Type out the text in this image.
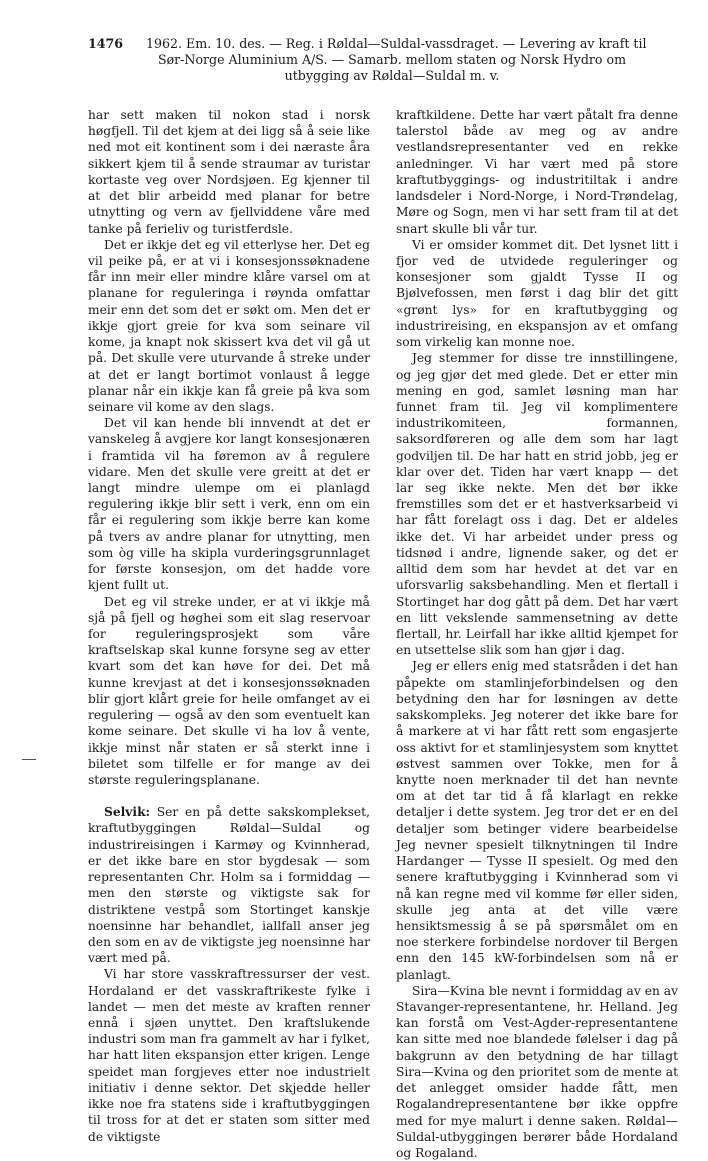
1476 1962. Em. 10. des. — Reg. i Røldal—Suldal-vassdraget. — Levering av kraft til
Sør-Norge Aluminium A/S. — Samarb. mellom staten og Norsk Hydro om
utbygging av Røldal—Suldal m. v.

har sett maken til nokon stad i norsk høgfjell. Til det kjem at dei ligg så å seie like ned mot eit kontinent som i dei næraste åra sikkert kjem til å sende straumar av turistar kortaste veg over Nordsjøen. Eg kjenner til at det blir arbeidd med planar for betre utnytting og vern av fjellviddene våre med tanke på ferieliv og turistferdsle.

Det er ikkje det eg vil etterlyse her. Det eg vil peike på, er at vi i konsesjonssøknadene får inn meir eller mindre klåre varsel om at planane for reguleringa i røynda omfattar meir enn det som det er søkt om. Men det er ikkje gjort greie for kva som seinare vil kome, ja knapt nok skissert kva det vil gå ut på. Det skulle vere uturvande å streke under at det er langt bortimot vonlaust å legge planar når ein ikkje kan få greie på kva som seinare vil kome av den slags.

Det vil kan hende bli innvendt at det er vanskeleg å avgjere kor langt konsesjonæren i framtida vil ha føremon av å regulere vidare. Men det skulle vere greitt at det er langt mindre ulempe om ei planlagd regulering ikkje blir sett i verk, enn om ein får ei regulering som ikkje berre kan kome på tvers av andre planar for utnytting, men som òg ville ha skipla vurderingsgrunnlaget for første konsesjon, om det hadde vore kjent fullt ut.

Det eg vil streke under, er at vi ikkje må sjå på fjell og høghei som eit slag reservoar for reguleringsprosjekt som våre kraftselskap skal kunne forsyne seg av etter kvart som det kan høve for dei. Det må kunne krevjast at det i konsesjonssøknaden blir gjort klårt greie for heile omfanget av ei regulering — også av den som eventuelt kan kome seinare. Det skulle vi ha lov å vente, ikkje minst når staten er så sterkt inne i biletet som tilfelle er for mange av dei største reguleringsplanane.

Selvik: Ser en på dette sakskomplekset, kraftutbyggingen Røldal—Suldal og industrireisingen i Karmøy og Kvinnherad, er det ikke bare en stor bygdesak — som representanten Chr. Holm sa i formiddag — men den største og viktigste sak for distriktene vestpå som Stortinget kanskje noensinne har behandlet, iallfall anser jeg den som en av de viktigste jeg noensinne har vært med på.

Vi har store vasskraftressurser der vest. Hordaland er det vasskraftrikeste fylke i landet — men det meste av kraften renner ennå i sjøen unyttet. Den kraftslukende industri som man fra gammelt av har i fylket, har hatt liten ekspansjon etter krigen. Lenge speidet man forgjeves etter noe industrielt initiativ i denne sektor. Det skjedde heller ikke noe fra statens side i kraftutbyggingen til tross for at det er staten som sitter med de viktigste

kraftkildene. Dette har vært påtalt fra denne talerstol både av meg og av andre vestlandsrepresentanter ved en rekke anledninger. Vi har vært med på store kraftutbyggings- og industritiltak i andre landsdeler i Nord-Norge, i Nord-Trøndelag, Møre og Sogn, men vi har sett fram til at det snart skulle bli vår tur.

Vi er omsider kommet dit. Det lysnet litt i fjor ved de utvidede reguleringer og konsesjoner som gjaldt Tysse II og Bjølvefossen, men først i dag blir det gitt «grønt lys» for en kraftutbygging og industrireising, en ekspansjon av et omfang som virkelig kan monne noe.

Jeg stemmer for disse tre innstillingene, og jeg gjør det med glede. Det er etter min mening en god, samlet løsning man har funnet fram til. Jeg vil komplimentere industrikomiteen, formannen, saksordføreren og alle dem som har lagt godviljen til. De har hatt en strid jobb, jeg er klar over det. Tiden har vært knapp — det lar seg ikke nekte. Men det bør ikke fremstilles som det er et hastverksarbeid vi har fått forelagt oss i dag. Det er aldeles ikke det. Vi har arbeidet under press og tidsnød i andre, lignende saker, og det er alltid dem som har hevdet at det var en uforsvarlig saksbehandling. Men et flertall i Stortinget har dog gått på dem. Det har vært en litt vekslende sammensetning av dette flertall, hr. Leirfall har ikke alltid kjempet for en utsettelse slik som han gjør i dag.

Jeg er ellers enig med statsråden i det han påpekte om stamlinjeforbindelsen og den betydning den har for løsningen av dette sakskompleks. Jeg noterer det ikke bare for å markere at vi har fått rett som engasjerte oss aktivt for et stamlinjesystem som knyttet østvest sammen over Tokke, men for å knytte noen merknader til det han nevnte om at det tar tid å få klarlagt en rekke detaljer i dette system. Jeg tror det er en del detaljer som betinger videre bearbeidelse Jeg nevner spesielt tilknytningen til Indre Hardanger — Tysse II spesielt. Og med den senere kraftutbygging i Kvinnherad som vi nå kan regne med vil komme før eller siden, skulle jeg anta at det ville være hensiktsmessig å se på spørsmålet om en noe sterkere forbindelse nordover til Bergen enn den 145 kW-forbindelsen som nå er planlagt.

Sira—Kvina ble nevnt i formiddag av en av Stavanger-representantene, hr. Helland. Jeg kan forstå om Vest-Agder-representantene kan sitte med noe blandede følelser i dag på bakgrunn av den betydning de har tillagt Sira—Kvina og den prioritet som de mente at det anlegget omsider hadde fått, men Rogalandrepresentantene bør ikke oppfre med for mye malurt i denne saken. Røldal—Suldal-utbyggingen berører både Hordaland og Rogaland.
